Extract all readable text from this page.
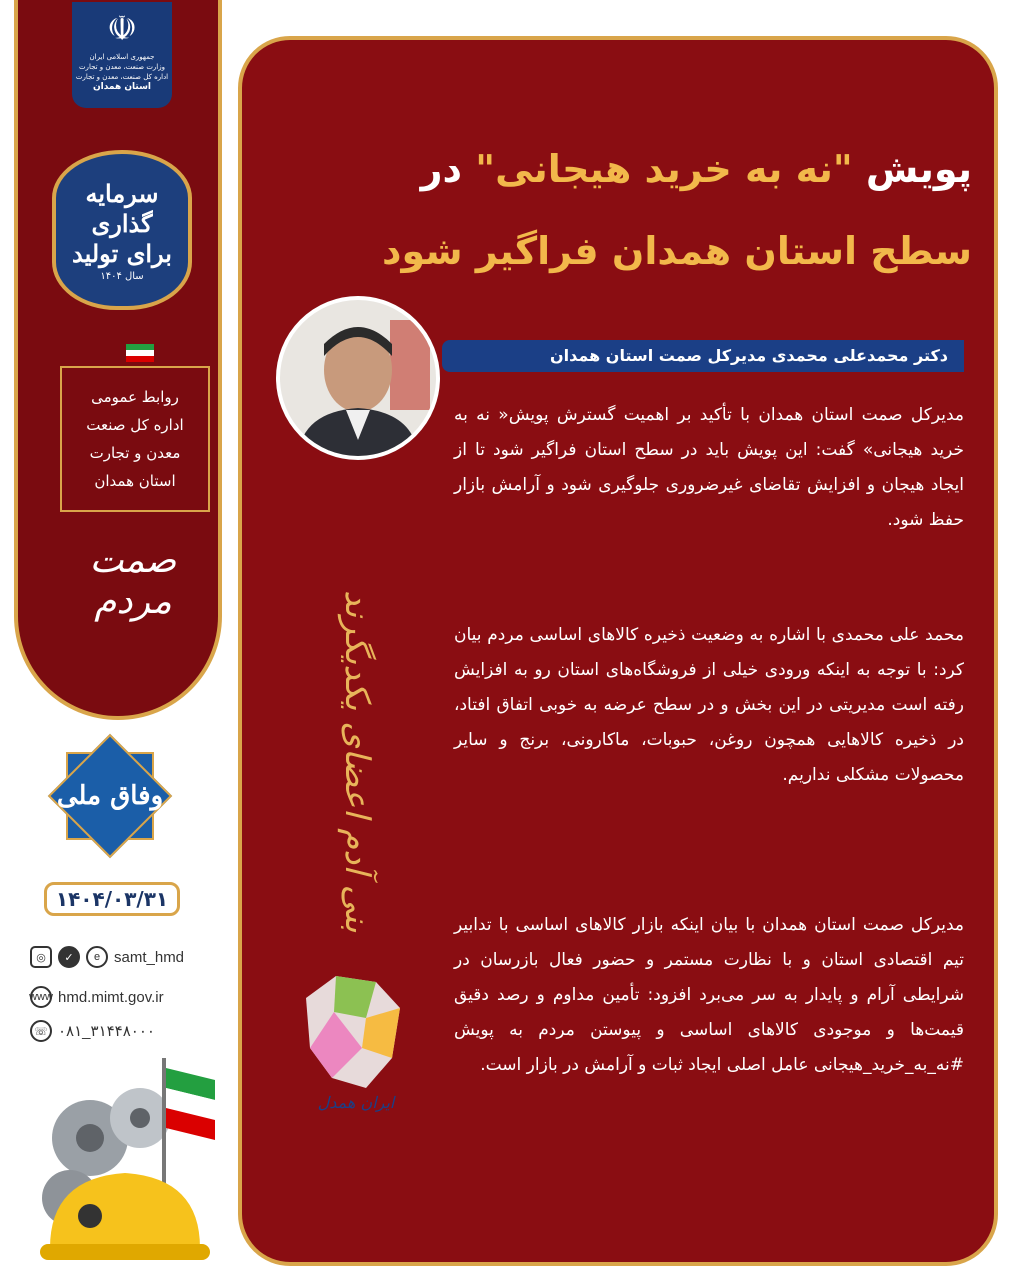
☫
جمهوری اسلامی ایران
وزارت صنعت، معدن و تجارت
اداره کل صنعت، معدن و تجارت
استان همدان
سرمایه گذاری
برای تولید
سال ۱۴۰۴
روابط عمومی
اداره کل صنعت
معدن و تجارت
استان همدان
صمت مردم
وفاق ملی
۱۴۰۴/۰۳/۳۱
◎	✓	e samt_hmd
www hmd.mimt.gov.ir
☏ ۰۸۱_۳۱۴۴۸۰۰۰
پویش "نه به خرید هیجانی" در
سطح استان همدان فراگیر شود
دکتر محمدعلی محمدی مدیرکل صمت استان همدان

مدیرکل صمت استان همدان با تأکید بر اهمیت گسترش پویش« نه به خرید هیجانی» گفت: این پویش باید در سطح استان فراگیر شود تا از ایجاد هیجان و افزایش تقاضای غیرضروری جلوگیری شود و آرامش بازار حفظ شود.

محمد علی محمدی با اشاره به وضعیت ذخیره کالاهای اساسی مردم بیان کرد: با توجه به اینکه ورودی خیلی از فروشگاه‌های استان رو به افزایش رفته است مدیریتی در این بخش و در سطح عرضه به خوبی اتفاق افتاد، در ذخیره کالاهایی همچون روغن، حبوبات، ماکارونی، برنج و سایر محصولات مشکلی نداریم.

مدیرکل صمت استان همدان با بیان اینکه بازار کالاهای اساسی با تدابیر تیم اقتصادی استان و با نظارت مستمر و حضور فعال بازرسان در شرایطی آرام و پایدار به سر می‌برد افزود: تأمین مداوم و رصد دقیق قیمت‌ها و موجودی کالاهای اساسی و پیوستن مردم به پویش #نه_به_خرید_هیجانی عامل اصلی ایجاد ثبات و آرامش در بازار است.

بنی آدم اعضای یکدیگرند
ایران همدل
